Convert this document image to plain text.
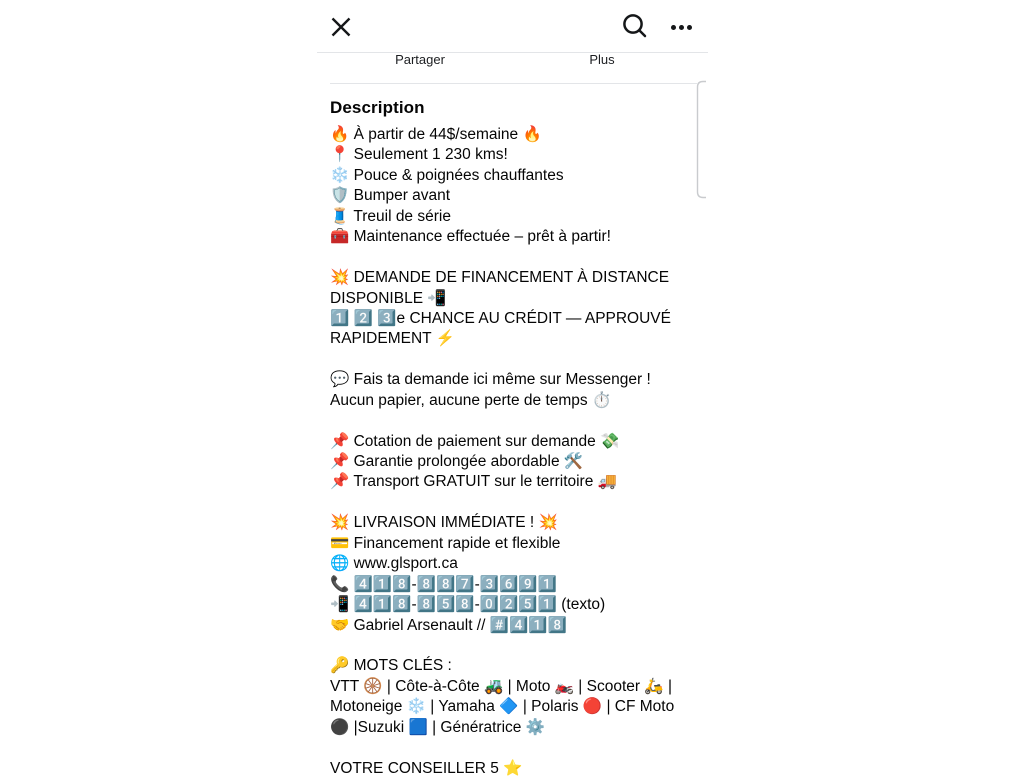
Partager	Plus
Description
🔥 À partir de 44$/semaine 🔥
📍 Seulement 1 230 kms!
❄️ Pouce & poignées chauffantes
🛡️ Bumper avant
🧵 Treuil de série
🧰 Maintenance effectuée – prêt à partir!

💥 DEMANDE DE FINANCEMENT À DISTANCE
DISPONIBLE 📲
1️⃣ 2️⃣ 3️⃣e CHANCE AU CRÉDIT — APPROUVÉ
RAPIDEMENT ⚡

💬 Fais ta demande ici même sur Messenger !
Aucun papier, aucune perte de temps ⏱️

📌 Cotation de paiement sur demande 💸
📌 Garantie prolongée abordable 🛠️
📌 Transport GRATUIT sur le territoire 🚚

💥 LIVRAISON IMMÉDIATE ! 💥
💳 Financement rapide et flexible
🌐 www.glsport.ca
📞 4️⃣1️⃣8️⃣-8️⃣8️⃣7️⃣-3️⃣6️⃣9️⃣1️⃣
📲 4️⃣1️⃣8️⃣-8️⃣5️⃣8️⃣-0️⃣2️⃣5️⃣1️⃣ (texto)
🤝 Gabriel Arsenault // #️⃣4️⃣1️⃣8️⃣

🔑 MOTS CLÉS :
VTT 🛞 | Côte-à-Côte 🚜 | Moto 🏍️ | Scooter 🛵 |
Motoneige ❄️ | Yamaha 🔷 | Polaris 🔴 | CF Moto
⚫ |Suzuki 🟦 | Génératrice ⚙️

VOTRE CONSEILLER 5 ⭐
